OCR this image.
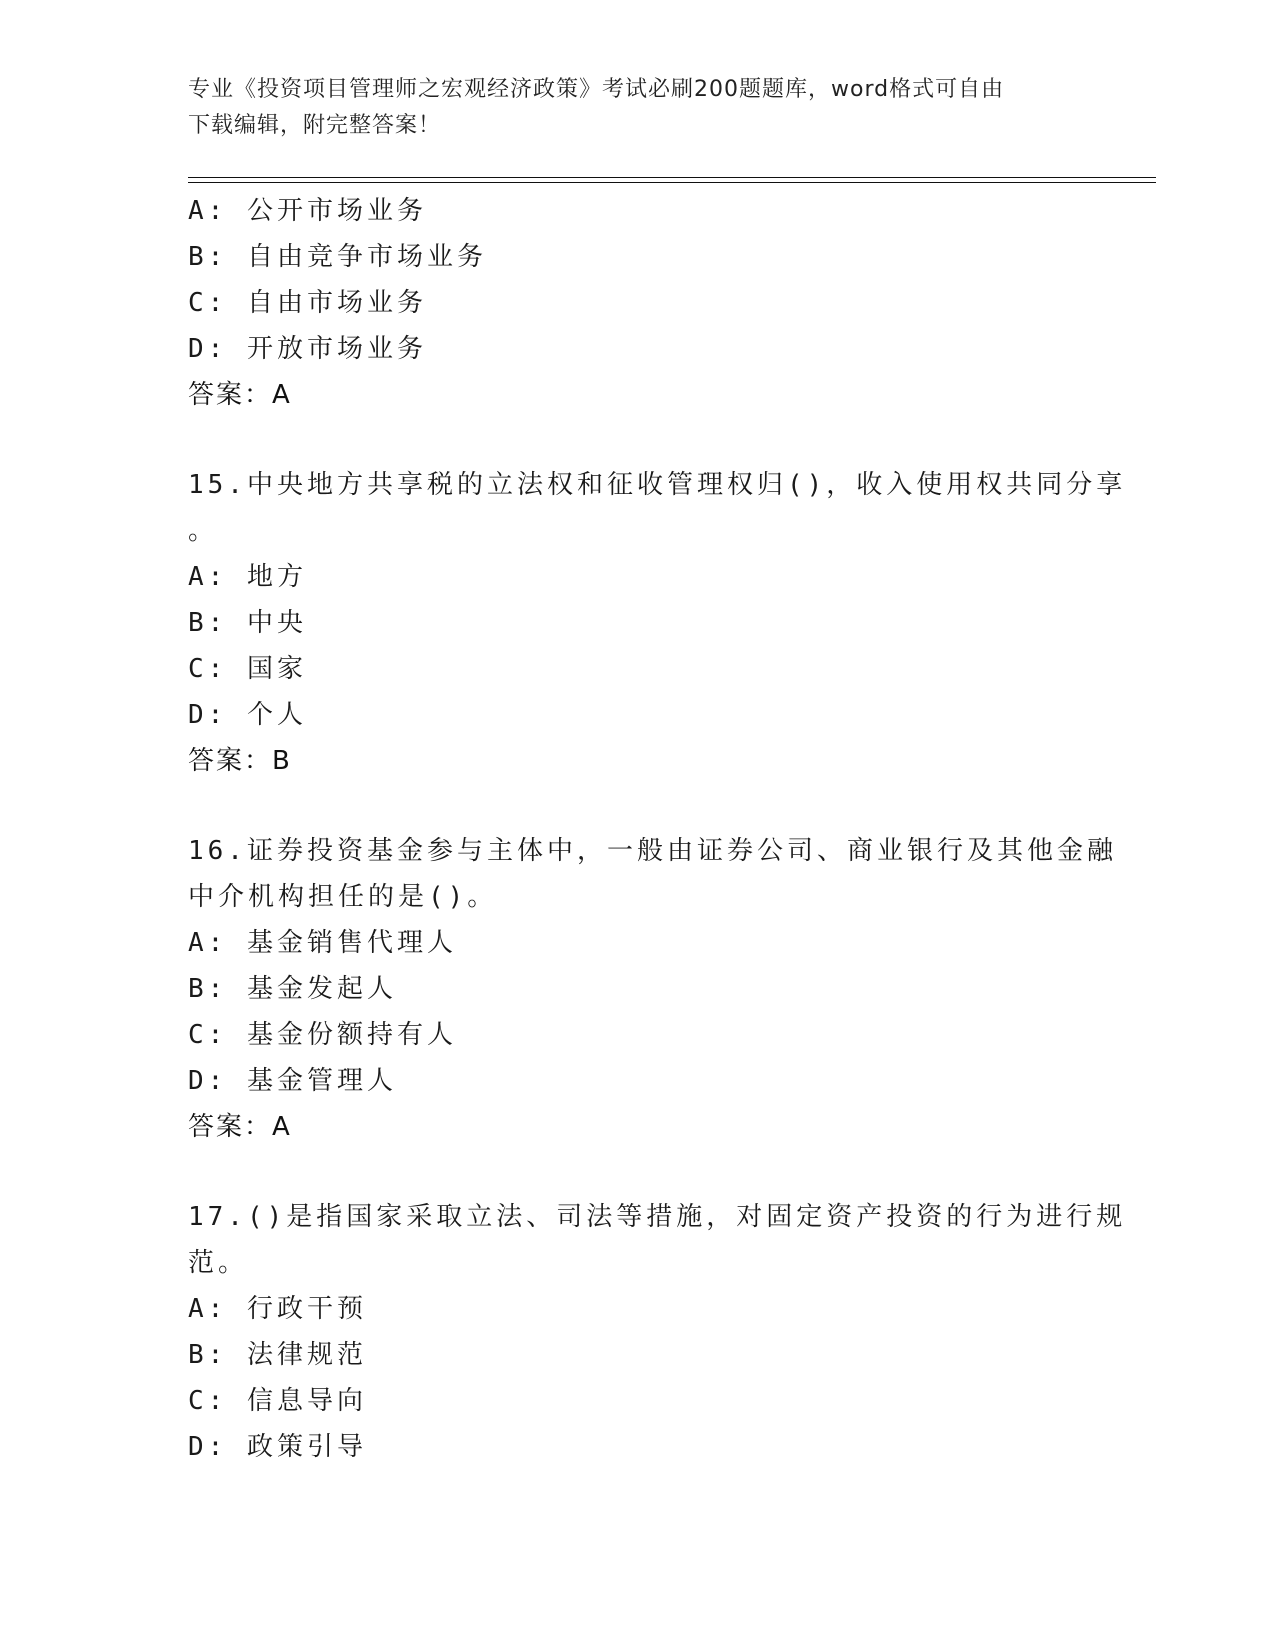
专业《投资项目管理师之宏观经济政策》考试必刷200题题库，word格式可自由
下载编辑，附完整答案！
A: 公开市场业务
B: 自由竞争市场业务
C: 自由市场业务
D: 开放市场业务
答案：A
15.中央地方共享税的立法权和征收管理权归()，收入使用权共同分享
。
A: 地方
B: 中央
C: 国家
D: 个人
答案：B
16.证券投资基金参与主体中，一般由证券公司、商业银行及其他金融
中介机构担任的是()。
A: 基金销售代理人
B: 基金发起人
C: 基金份额持有人
D: 基金管理人
答案：A
17.()是指国家采取立法、司法等措施，对固定资产投资的行为进行规
范。
A: 行政干预
B: 法律规范
C: 信息导向
D: 政策引导
